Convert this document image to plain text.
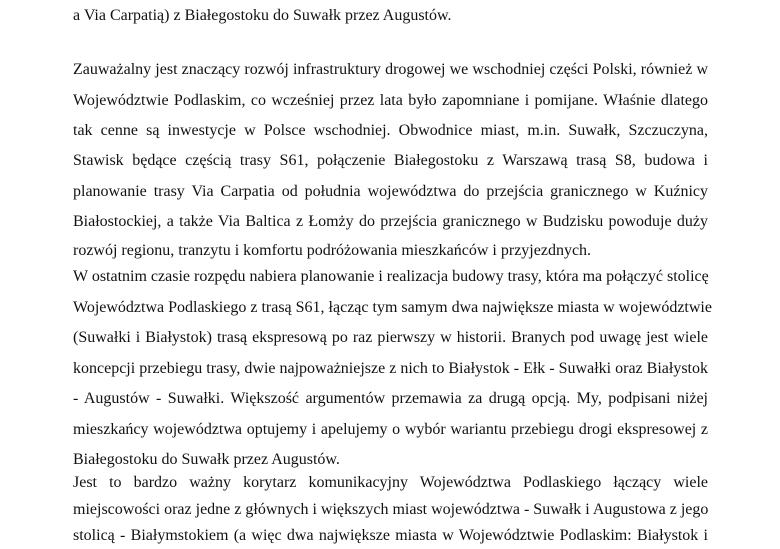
a Via Carpatią) z Białegostoku do Suwałk przez Augustów.
Zauważalny jest znaczący rozwój infrastruktury drogowej we wschodniej części Polski, również w
Województwie Podlaskim, co wcześniej przez lata było zapomniane i pomijane. Właśnie dlatego
tak cenne są inwestycje w Polsce wschodniej. Obwodnice miast, m.in. Suwałk, Szczuczyna,
Stawisk będące częścią trasy S61, połączenie Białegostoku z Warszawą trasą S8, budowa i
planowanie trasy Via Carpatia od południa województwa do przejścia granicznego w Kuźnicy
Białostockiej, a także Via Baltica z Łomży do przejścia granicznego w Budzisku powoduje duży
rozwój regionu, tranzytu i komfortu podróżowania mieszkańców i przyjezdnych.
W ostatnim czasie rozpędu nabiera planowanie i realizacja budowy trasy, która ma połączyć stolicę
Województwa Podlaskiego z trasą S61, łącząc tym samym dwa największe miasta w województwie
(Suwałki i Białystok) trasą ekspresową po raz pierwszy w historii. Branych pod uwagę jest wiele
koncepcji przebiegu trasy, dwie najpoważniejsze z nich to Białystok - Ełk - Suwałki oraz Białystok
- Augustów - Suwałki. Większość argumentów przemawia za drugą opcją. My, podpisani niżej
mieszkańcy województwa optujemy i apelujemy o wybór wariantu przebiegu drogi ekspresowej z
Białegostoku do Suwałk przez Augustów.
Jest to bardzo ważny korytarz komunikacyjny Województwa Podlaskiego łączący wiele
miejscowości oraz jedne z głównych i większych miast województwa - Suwałk i Augustowa z jego
stolicą - Białymstokiem (a więc dwa największe miasta w Województwie Podlaskim: Białystok i
